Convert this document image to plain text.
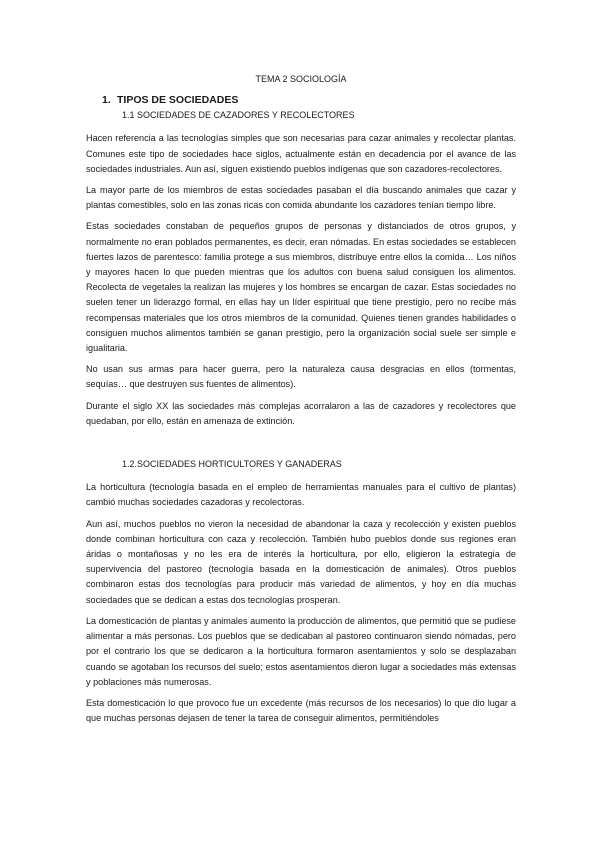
TEMA 2 SOCIOLOGÍA
1. TIPOS DE SOCIEDADES
1.1 SOCIEDADES DE CAZADORES Y RECOLECTORES

Hacen referencia a las tecnologías simples que son necesarias para cazar animales y recolectar plantas. Comunes este tipo de sociedades hace siglos, actualmente están en decadencia por el avance de las sociedades industriales. Aun así, siguen existiendo pueblos indígenas que son cazadores-recolectores.

La mayor parte de los miembros de estas sociedades pasaban el día buscando animales que cazar y plantas comestibles, solo en las zonas ricas con comida abundante los cazadores tenían tiempo libre.

Estas sociedades constaban de pequeños grupos de personas y distanciados de otros grupos, y normalmente no eran poblados permanentes, es decir, eran nómadas. En estas sociedades se establecen fuertes lazos de parentesco: familia protege a sus miembros, distribuye entre ellos la comida… Los niños y mayores hacen lo que pueden mientras que los adultos con buena salud consiguen los alimentos. Recolecta de vegetales la realizan las mujeres y los hombres se encargan de cazar. Estas sociedades no suelen tener un liderazgo formal, en ellas hay un líder espiritual que tiene prestigio, pero no recibe más recompensas materiales que los otros miembros de la comunidad. Quienes tienen grandes habilidades o consiguen muchos alimentos también se ganan prestigio, pero la organización social suele ser simple e igualitaria.

No usan sus armas para hacer guerra, pero la naturaleza causa desgracias en ellos (tormentas, sequías… que destruyen sus fuentes de alimentos).

Durante el siglo XX las sociedades más complejas acorralaron a las de cazadores y recolectores que quedaban, por ello, están en amenaza de extinción.

1.2.SOCIEDADES HORTICULTORES Y GANADERAS

La horticultura (tecnología basada en el empleo de herramientas manuales para el cultivo de plantas) cambió muchas sociedades cazadoras y recolectoras.

Aun así, muchos pueblos no vieron la necesidad de abandonar la caza y recolección y existen pueblos donde combinan horticultura con caza y recolección. También hubo pueblos donde sus regiones eran áridas o montañosas y no les era de interés la horticultura, por ello, eligieron la estrategia de supervivencia del pastoreo (tecnología basada en la domesticación de animales). Otros pueblos combinaron estas dos tecnologías para producir más variedad de alimentos, y hoy en día muchas sociedades que se dedican a estas dos tecnologías prosperan.

La domesticación de plantas y animales aumento la producción de alimentos, que permitió que se pudiese alimentar a más personas. Los pueblos que se dedicaban al pastoreo continuaron siendo nómadas, pero por el contrario los que se dedicaron a la horticultura formaron asentamientos y solo se desplazaban cuando se agotaban los recursos del suelo; estos asentamientos dieron lugar a sociedades más extensas y poblaciones más numerosas.

Esta domesticación lo que provoco fue un excedente (más recursos de los necesarios) lo que dio lugar a que muchas personas dejasen de tener la tarea de conseguir alimentos, permitiéndoles
